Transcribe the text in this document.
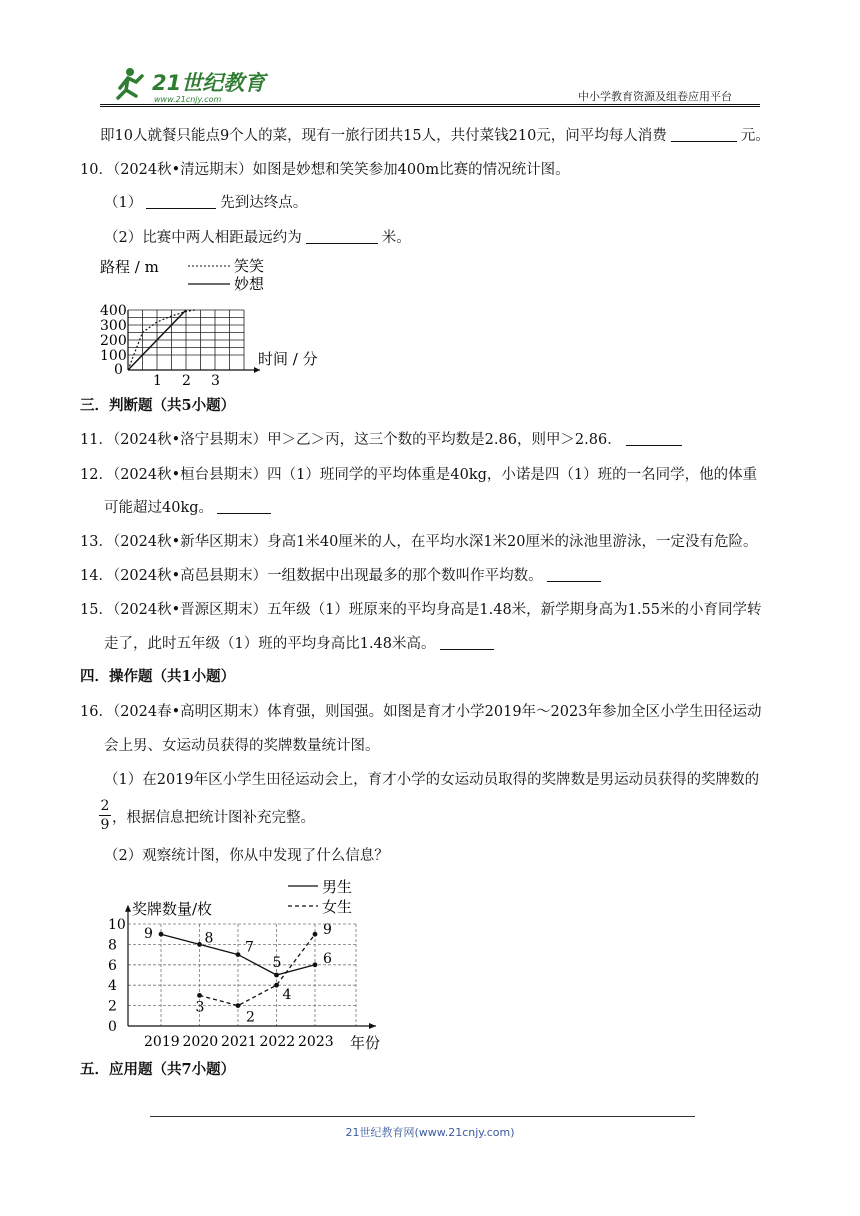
21世纪教育
www.21cnjy.com	中小学教育资源及组卷应用平台
即10人就餐只能点9个人的菜，现有一旅行团共15人，共付菜钱210元，问平均每人消费	元。
10．（2024秋•清远期末）如图是妙想和笑笑参加400m比赛的情况统计图。
（1）	先到达终点。
（2）比赛中两人相距最远约为	米。
路程 / m	笑笑
妙想
时间 / 分
0
100
200
300
400
1 2 3
三．判断题（共5小题）
11．（2024秋•洛宁县期末）甲＞乙＞丙，这三个数的平均数是2.86，则甲＞2.86．
12．（2024秋•桓台县期末）四（1）班同学的平均体重是40kg，小诺是四（1）班的一名同学，他的体重
可能超过40kg。
13．（2024秋•新华区期末）身高1米40厘米的人，在平均水深1米20厘米的泳池里游泳，一定没有危险。
14．（2024秋•高邑县期末）一组数据中出现最多的那个数叫作平均数。
15．（2024秋•晋源区期末）五年级（1）班原来的平均身高是1.48米，新学期身高为1.55米的小育同学转
走了，此时五年级（1）班的平均身高比1.48米高。
四．操作题（共1小题）
16．（2024春•高明区期末）体育强，则国强。如图是育才小学2019年～2023年参加全区小学生田径运动
会上男、女运动员获得的奖牌数量统计图。
（1）在2019年区小学生田径运动会上，育才小学的女运动员取得的奖牌数是男运动员获得的奖牌数的
2
9 ，根据信息把统计图补充完整。
（2）观察统计图，你从中发现了什么信息？
奖牌数量/枚
男生
女生
年份
0
2
4
6
8
10
2019 2020 2021 2022 2023
9	8
7
5	6
3
2
4
9
五．应用题（共7小题）
21世纪教育网(www.21cnjy.com)
